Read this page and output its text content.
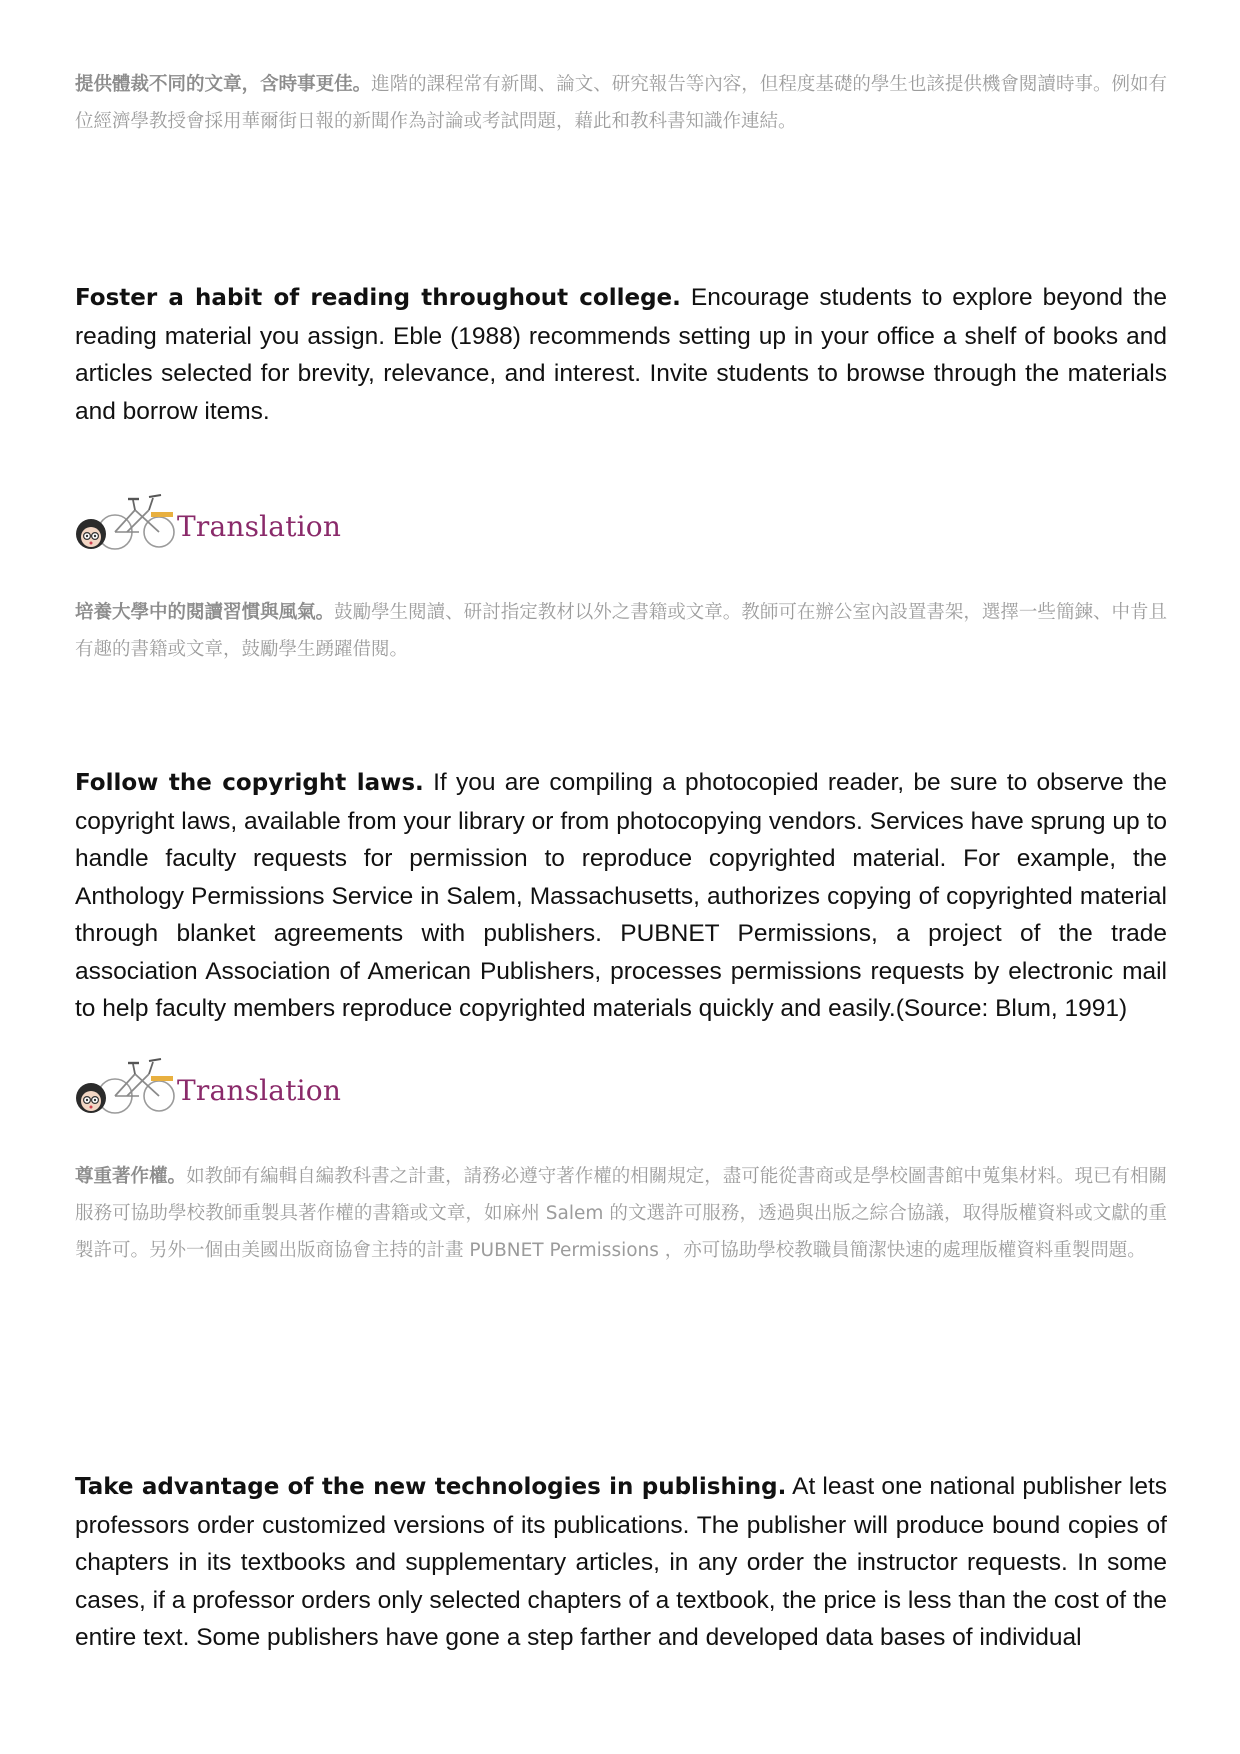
提供體裁不同的文章，含時事更佳。進階的課程常有新聞、論文、研究報告等內容，但程度基礎的學生也該提供機會閱讀時事。例如有位經濟學教授會採用華爾街日報的新聞作為討論或考試問題，藉此和教科書知識作連結。

Foster a habit of reading throughout college. Encourage students to explore beyond the reading material you assign. Eble (1988) recommends setting up in your office a shelf of books and articles selected for brevity, relevance, and interest. Invite students to browse through the materials and borrow items.

Translation

培養大學中的閱讀習慣與風氣。鼓勵學生閱讀、研討指定教材以外之書籍或文章。教師可在辦公室內設置書架，選擇一些簡鍊、中肯且有趣的書籍或文章，鼓勵學生踴躍借閱。

Follow the copyright laws. If you are compiling a photocopied reader, be sure to observe the copyright laws, available from your library or from photocopying vendors. Services have sprung up to handle faculty requests for permission to reproduce copyrighted material. For example, the Anthology Permissions Service in Salem, Massachusetts, authorizes copying of copyrighted material through blanket agreements with publishers. PUBNET Permissions, a project of the trade association Association of American Publishers, processes permissions requests by electronic mail to help faculty members reproduce copyrighted materials quickly and easily.(Source: Blum, 1991)

Translation

尊重著作權。如教師有編輯自編教科書之計畫，請務必遵守著作權的相關規定，盡可能從書商或是學校圖書館中蒐集材料。現已有相關服務可協助學校教師重製具著作權的書籍或文章，如麻州 Salem 的文選許可服務，透過與出版之綜合協議，取得版權資料或文獻的重製許可。另外一個由美國出版商協會主持的計畫 PUBNET Permissions ，亦可協助學校教職員簡潔快速的處理版權資料重製問題。

Take advantage of the new technologies in publishing. At least one national publisher lets professors order customized versions of its publications. The publisher will produce bound copies of chapters in its textbooks and supplementary articles, in any order the instructor requests. In some cases, if a professor orders only selected chapters of a textbook, the price is less than the cost of the entire text. Some publishers have gone a step farther and developed data bases of individual
